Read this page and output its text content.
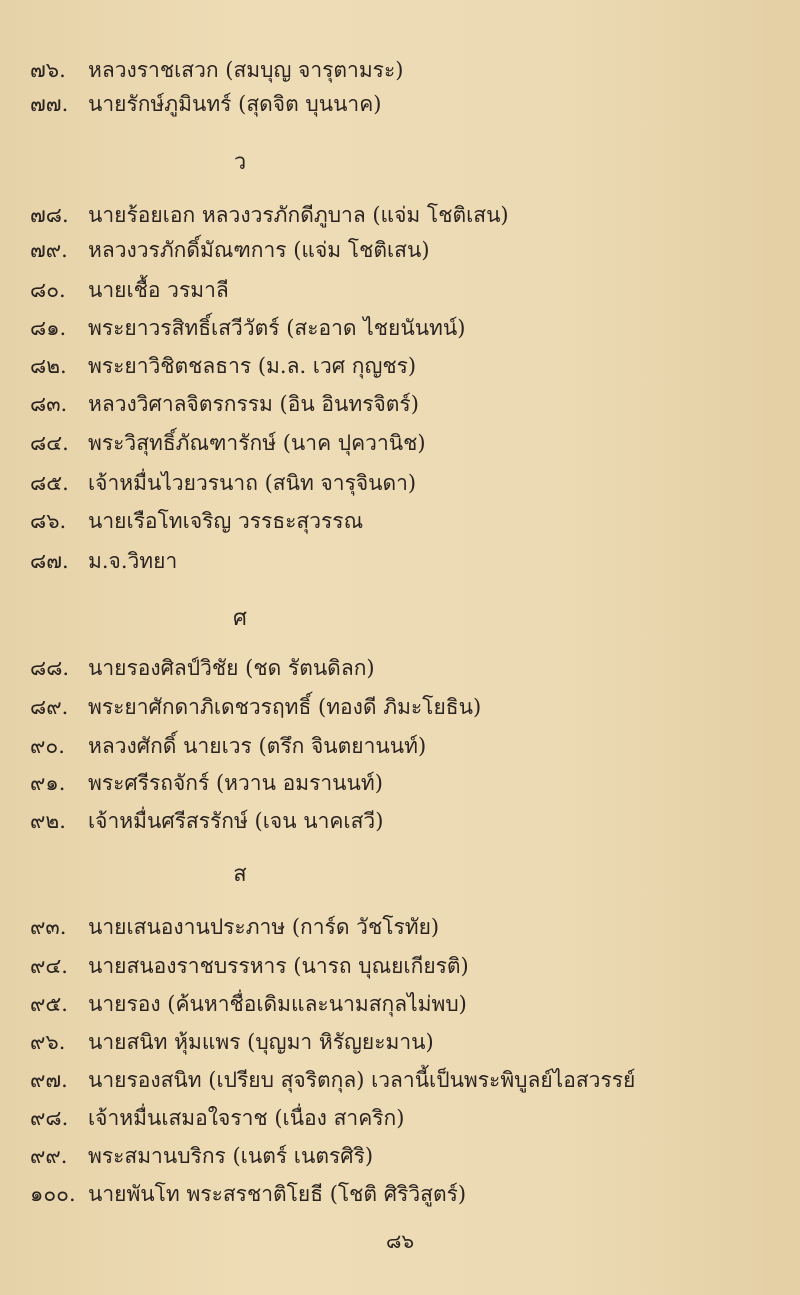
๗๖. หลวงราชเสวก (สมบุญ จารุตามระ)
๗๗. นายรักษ์ภูมินทร์ (สุดจิต บุนนาค)
ว
๗๘. นายร้อยเอก หลวงวรภักดีภูบาล (แจ่ม โชติเสน)
๗๙. หลวงวรภักดิ์มัณฑการ (แจ่ม โชติเสน)
๘๐. นายเชื้อ วรมาลี
๘๑. พระยาวรสิทธิ์เสวีวัตร์ (สะอาด ไชยนันทน์)
๘๒. พระยาวิชิตชลธาร (ม.ล. เวศ กุญชร)
๘๓. หลวงวิศาลจิตรกรรม (อิน อินทรจิตร์)
๘๔. พระวิสุทธิ์ภัณฑารักษ์ (นาค ปุควานิช)
๘๕. เจ้าหมื่นไวยวรนาถ (สนิท จารุจินดา)
๘๖. นายเรือโทเจริญ วรรธะสุวรรณ
๘๗. ม.จ.วิทยา
ศ
๘๘. นายรองศิลป์วิชัย (ชด รัตนดิลก)
๘๙. พระยาศักดาภิเดชวรฤทธิ์ (ทองดี ภิมะโยธิน)
๙๐. หลวงศักดิ์ นายเวร (ตรึก จินตยานนท์)
๙๑. พระศรีรถจักร์ (หวาน อมรานนท์)
๙๒. เจ้าหมื่นศรีสรรักษ์ (เจน นาคเสวี)
ส
๙๓. นายเสนองานประภาษ (การ์ด วัชโรทัย)
๙๔. นายสนองราชบรรหาร (นารถ บุณยเกียรติ)
๙๕. นายรอง (ค้นหาชื่อเดิมและนามสกุลไม่พบ)
๙๖. นายสนิท หุ้มแพร (บุญมา หิรัญยะมาน)
๙๗. นายรองสนิท (เปรียบ สุจริตกุล) เวลานี้เป็นพระพิบูลย์ไอสวรรย์
๙๘. เจ้าหมื่นเสมอใจราช (เนื่อง สาคริก)
๙๙. พระสมานบริกร (เนตร์ เนตรศิริ)
๑๐๐. นายพันโท พระสรชาติโยธี (โชติ ศิริวิสูตร์)
๘๖
